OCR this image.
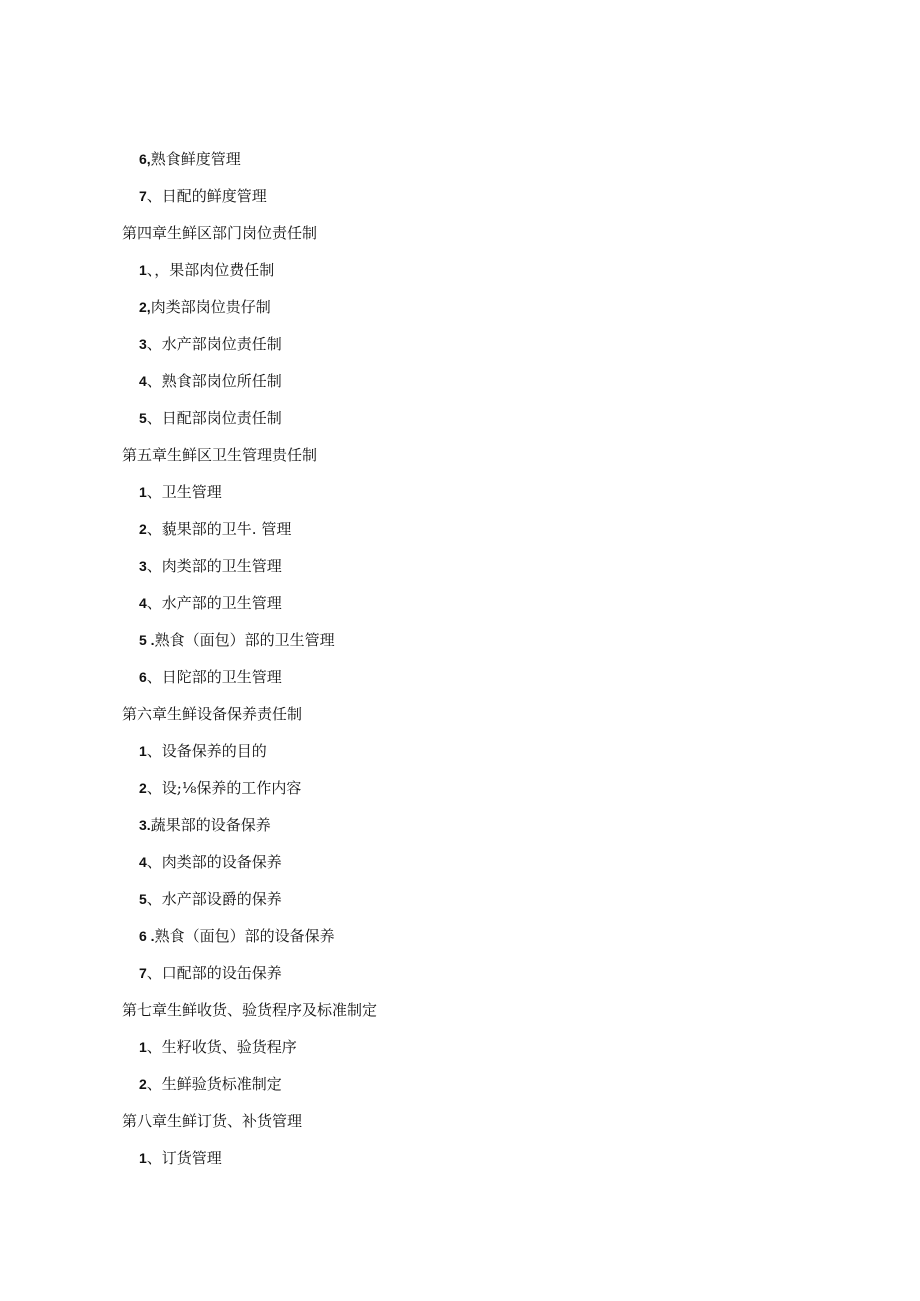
6,熟食鲜度管理
7、日配的鲜度管理
第四章生鲜区部门岗位责任制
1、，果部肉位费任制
2,肉类部岗位贵仔制
3、水产部岗位责任制
4、熟食部岗位所任制
5、日配部岗位责任制
第五章生鲜区卫生管理贵任制
1、卫生管理
2、藐果部的卫牛. 管理
3、肉类部的卫生管理
4、水产部的卫生管理
5 .熟食（面包）部的卫生管理
6、日陀部的卫生管理
第六章生鲜设备保养责任制
1、设备保养的目的
2、设;⅛保养的工作内容
3.蔬果部的设备保养
4、肉类部的设备保养
5、水产部设爵的保养
6 .熟食（面包）部的设备保养
7、口配部的设缶保养
第七章生鲜收货、验货程序及标准制定
1、生籽收货、验货程序
2、生鲜验货标准制定
第八章生鲜订货、补货管理
1、订货管理
